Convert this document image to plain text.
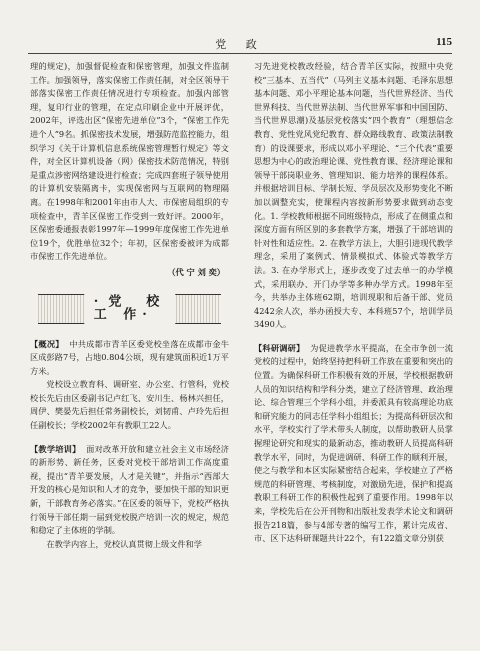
党 政	115

理的规定)，加强督促检查和保密管理，加强文件监制工作。加强领导，落实保密工作责任制，对全区领导干部落实保密工作责任情况进行专项检查。加强内部管理，复印行业的管理，在定点印刷企业中开展评优，2002年，评选出区“保密先进单位”3个，“保密工作先进个人”9名。抓保密技术发展，增强防范监控能力，组织学习《关于计算机信息系统保密管理暂行规定》等文件，对全区计算机设备（网）保密技术防范情况，特别是重点涉密网络建设进行检查；完成四套班子领导使用的计算机安装隔离卡，实现保密网与互联网的物理隔离。在1998年和2001年由市人大、市保密局组织的专项检查中，青羊区保密工作受到一致好评。2000年，区保密委通报表彰1997年—1999年度保密工作先进单位19个，优胜单位32个；年初，区保密委被评为成都市保密工作先进单位。

（代 宁 刘 奕）
·党 校 工 作·

【概况】 中共成都市青羊区委党校坐落在成都市金牛区成彭路7号，占地0.804公顷，现有建筑面积近1万平方米。

党校设立教育科、调研室、办公室、行管科，党校校长先后由区委副书记卢红飞、安川生、杨林兴担任，周伊、樊晏先后担任常务副校长，刘韧甫、卢玲先后担任副校长；学校2002年有教职工22人。

【教学培训】 面对改革开放和建立社会主义市场经济的新形势、新任务，区委对党校干部培训工作高度重视，提出“青羊要发展，人才是关键”，并指示“西部大开发的核心是知识和人才的竞争，要加快干部的知识更新，干部教育务必落实。”在区委的领导下，党校严格执行领导干部任期一届到党校脱产培训一次的规定，规范和稳定了主体班的学制。

在教学内容上，党校认真贯彻上级文件和学

习先进党校教改经验，结合青羊区实际，按照中央党校“三基本、五当代”（马列主义基本问题、毛泽东思想基本问题、邓小平理论基本问题，当代世界经济、当代世界科技、当代世界法制、当代世界军事和中国国防、当代世界思潮)及基层党校落实“四个教育”（理想信念教育、党性党风党纪教育、群众路线教育、政策法制教育）的设课要求，形成以邓小平理论、“三个代表”重要思想为中心的政治理论课、党性教育课、经济理论课和领导干部岗职业务、管理知识、能力培养的课程体系。并根据培训目标、学制长短、学员层次及形势变化不断加以调整充实，使课程内容按新形势要求做到动态变化。1. 学校教师根据不同班级特点，形成了在侧重点和深度方面有所区别的多套教学方案，增强了干部培训的针对性和适应性。2. 在教学方法上，大胆引进现代教学理念，采用了案例式、情景模拟式、体验式等教学方法。3. 在办学形式上，逐步改变了过去单一的办学模式，采用联办、开门办学等多种办学方式。1998年至今，共举办主体班62期，培训现职和后备干部、党员4242余人次，举办函授大专、本科班57个，培训学员3490人。

【科研调研】 为促进教学水平提高，在全市争创一流党校的过程中，始终坚持把科研工作放在重要和突出的位置。为确保科研工作积极有效的开展，学校根据教研人员的知识结构和学科分类，建立了经济管理、政治理论、综合管理三个学科小组，并委派具有较高理论功底和研究能力的同志任学科小组组长；为提高科研层次和水平，学校实行了学术带头人制度，以帮助教研人员掌握理论研究和现实的最新动态，推动教研人员提高科研教学水平，同时，为促进调研、科研工作的顺利开展，使之与教学和本区实际紧密结合起来，学校建立了严格规范的科研管理、考核制度，对激励先进，保护和提高教职工科研工作的积极性起到了重要作用。1998年以来，学校先后在公开刊物和出版社发表学术论文和调研报告218篇，参与4部专著的编写工作，累计完成省、市、区下达科研课题共计22个，有122篇文章分别获
